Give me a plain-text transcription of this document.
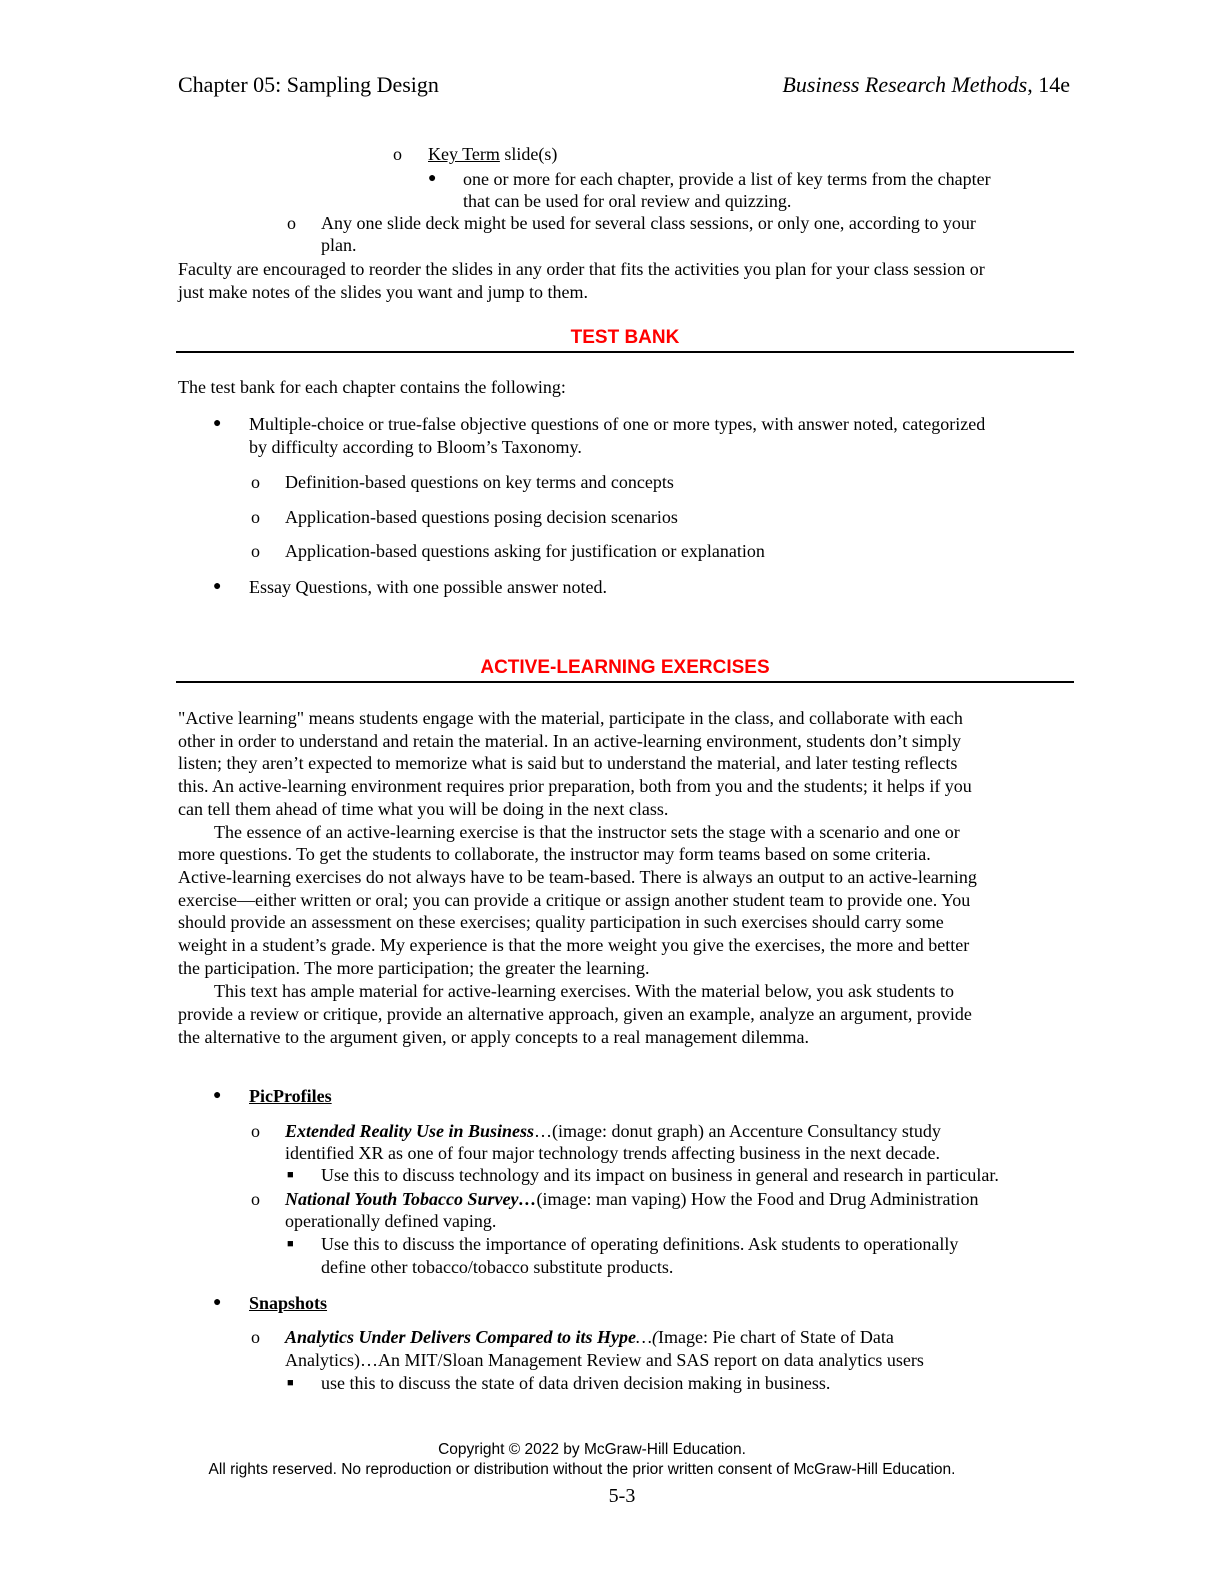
Chapter 05: Sampling Design	Business Research Methods, 14e
o Key Term slide(s)
● one or more for each chapter, provide a list of key terms from the chapter
that can be used for oral review and quizzing.
o Any one slide deck might be used for several class sessions, or only one, according to your
plan.
Faculty are encouraged to reorder the slides in any order that fits the activities you plan for your class session or
just make notes of the slides you want and jump to them.
TEST BANK
The test bank for each chapter contains the following:
● Multiple-choice or true-false objective questions of one or more types, with answer noted, categorized
by difficulty according to Bloom’s Taxonomy.
o Definition-based questions on key terms and concepts
o Application-based questions posing decision scenarios
o Application-based questions asking for justification or explanation
● Essay Questions, with one possible answer noted.
ACTIVE-LEARNING EXERCISES
"Active learning" means students engage with the material, participate in the class, and collaborate with each
other in order to understand and retain the material. In an active-learning environment, students don’t simply
listen; they aren’t expected to memorize what is said but to understand the material, and later testing reflects
this. An active-learning environment requires prior preparation, both from you and the students; it helps if you
can tell them ahead of time what you will be doing in the next class.
The essence of an active-learning exercise is that the instructor sets the stage with a scenario and one or
more questions. To get the students to collaborate, the instructor may form teams based on some criteria.
Active-learning exercises do not always have to be team-based. There is always an output to an active-learning
exercise—either written or oral; you can provide a critique or assign another student team to provide one. You
should provide an assessment on these exercises; quality participation in such exercises should carry some
weight in a student’s grade. My experience is that the more weight you give the exercises, the more and better
the participation. The more participation; the greater the learning.
This text has ample material for active-learning exercises. With the material below, you ask students to
provide a review or critique, provide an alternative approach, given an example, analyze an argument, provide
the alternative to the argument given, or apply concepts to a real management dilemma.
● PicProfiles
o Extended Reality Use in Business…(image: donut graph) an Accenture Consultancy study
identified XR as one of four major technology trends affecting business in the next decade.
■ Use this to discuss technology and its impact on business in general and research in particular.
o National Youth Tobacco Survey…(image: man vaping) How the Food and Drug Administration
operationally defined vaping.
■ Use this to discuss the importance of operating definitions. Ask students to operationally
define other tobacco/tobacco substitute products.
● Snapshots
o Analytics Under Delivers Compared to its Hype…(Image: Pie chart of State of Data
Analytics)…An MIT/Sloan Management Review and SAS report on data analytics users
■ use this to discuss the state of data driven decision making in business.
Copyright © 2022 by McGraw-Hill Education.
All rights reserved. No reproduction or distribution without the prior written consent of McGraw-Hill Education.
5-3
